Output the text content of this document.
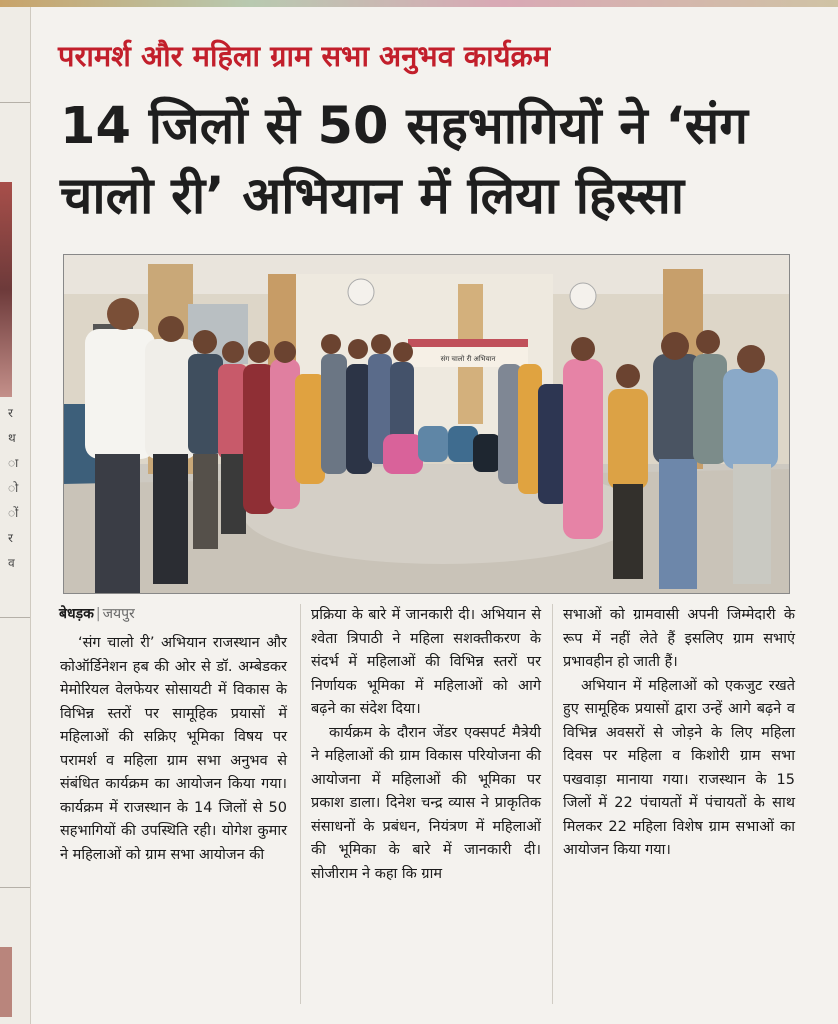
र
थ
ा
ो
ों
र
व
परामर्श और महिला ग्राम सभा अनुभव कार्यक्रम
14 जिलों से 50 सहभागियों ने ‘संग चालो री’ अभियान में लिया हिस्सा
संग चालो री अभियान
बेधड़क | जयपुर

‘संग चालो री’ अभियान राजस्थान और कोऑर्डिनेशन हब की ओर से डॉ. अम्बेडकर मेमोरियल वेलफेयर सोसायटी में विकास के विभिन्न स्तरों पर सामूहिक प्रयासों में महिलाओं की सक्रिए भूमिका विषय पर परामर्श व महिला ग्राम सभा अनुभव से संबंधित कार्यक्रम का आयोजन किया गया। कार्यक्रम में राजस्थान के 14 जिलों से 50 सहभागियों की उपस्थिति रही। योगेश कुमार ने महिलाओं को ग्राम सभा आयोजन की

प्रक्रिया के बारे में जानकारी दी। अभियान से श्वेता त्रिपाठी ने महिला सशक्तीकरण के संदर्भ में महिलाओं की विभिन्न स्तरों पर निर्णायक भूमिका में महिलाओं को आगे बढ़ने का संदेश दिया।

कार्यक्रम के दौरान जेंडर एक्सपर्ट मैत्रेयी ने महिलाओं की ग्राम विकास परियोजना की आयोजना में महिलाओं की भूमिका पर प्रकाश डाला। दिनेश चन्द्र व्यास ने प्राकृतिक संसाधनों के प्रबंधन, नियंत्रण में महिलाओं की भूमिका के बारे में जानकारी दी। सोजीराम ने कहा कि ग्राम

सभाओं को ग्रामवासी अपनी जिम्मेदारी के रूप में नहीं लेते हैं इसलिए ग्राम सभाएं प्रभावहीन हो जाती हैं।

अभियान में महिलाओं को एकजुट रखते हुए सामूहिक प्रयासों द्वारा उन्हें आगे बढ़ने व विभिन्न अवसरों से जोड़ने के लिए महिला दिवस पर महिला व किशोरी ग्राम सभा पखवाड़ा मानाया गया। राजस्थान के 15 जिलों में 22 पंचायतों में पंचायतों के साथ मिलकर 22 महिला विशेष ग्राम सभाओं का आयोजन किया गया।
